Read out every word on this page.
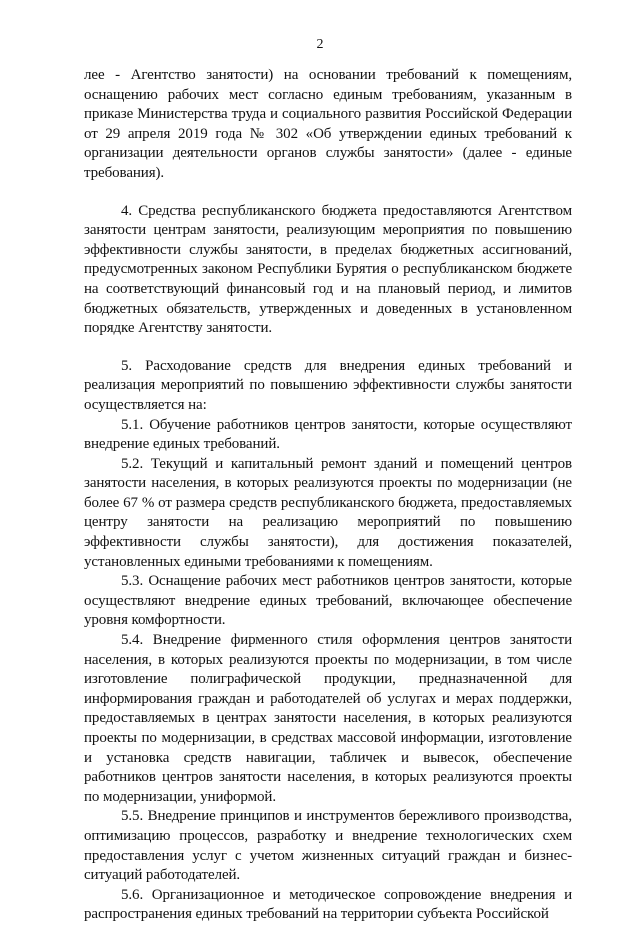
2

лее - Агентство занятости) на основании требований к помещениям, оснащению рабочих мест согласно единым требованиям, указанным в приказе Министерства труда и социального развития Российской Федерации от 29 апреля 2019 года № 302 «Об утверждении единых требований к организации деятельности органов службы занятости» (далее - единые требования).

4. Средства республиканского бюджета предоставляются Агентством занятости центрам занятости, реализующим мероприятия по повышению эффективности службы занятости, в пределах бюджетных ассигнований, предусмотренных законом Республики Бурятия о республиканском бюджете на соответствующий финансовый год и на плановый период, и лимитов бюджетных обязательств, утвержденных и доведенных в установленном порядке Агентству занятости.

5. Расходование средств для внедрения единых требований и реализация мероприятий по повышению эффективности службы занятости осуществляется на:

5.1. Обучение работников центров занятости, которые осуществляют внедрение единых требований.

5.2. Текущий и капитальный ремонт зданий и помещений центров занятости населения, в которых реализуются проекты по модернизации (не более 67 % от размера средств республиканского бюджета, предоставляемых центру занятости на реализацию мероприятий по повышению эффективности службы занятости), для достижения показателей, установленных едиными требованиями к помещениям.

5.3. Оснащение рабочих мест работников центров занятости, которые осуществляют внедрение единых требований, включающее обеспечение уровня комфортности.

5.4. Внедрение фирменного стиля оформления центров занятости населения, в которых реализуются проекты по модернизации, в том числе изготовление полиграфической продукции, предназначенной для информирования граждан и работодателей об услугах и мерах поддержки, предоставляемых в центрах занятости населения, в которых реализуются проекты по модернизации, в средствах массовой информации, изготовление и установка средств навигации, табличек и вывесок, обеспечение работников центров занятости населения, в которых реализуются проекты по модернизации, униформой.

5.5. Внедрение принципов и инструментов бережливого производства, оптимизацию процессов, разработку и внедрение технологических схем предоставления услуг с учетом жизненных ситуаций граждан и бизнес-ситуаций работодателей.

5.6. Организационное и методическое сопровождение внедрения и распространения единых требований на территории субъекта Российской
